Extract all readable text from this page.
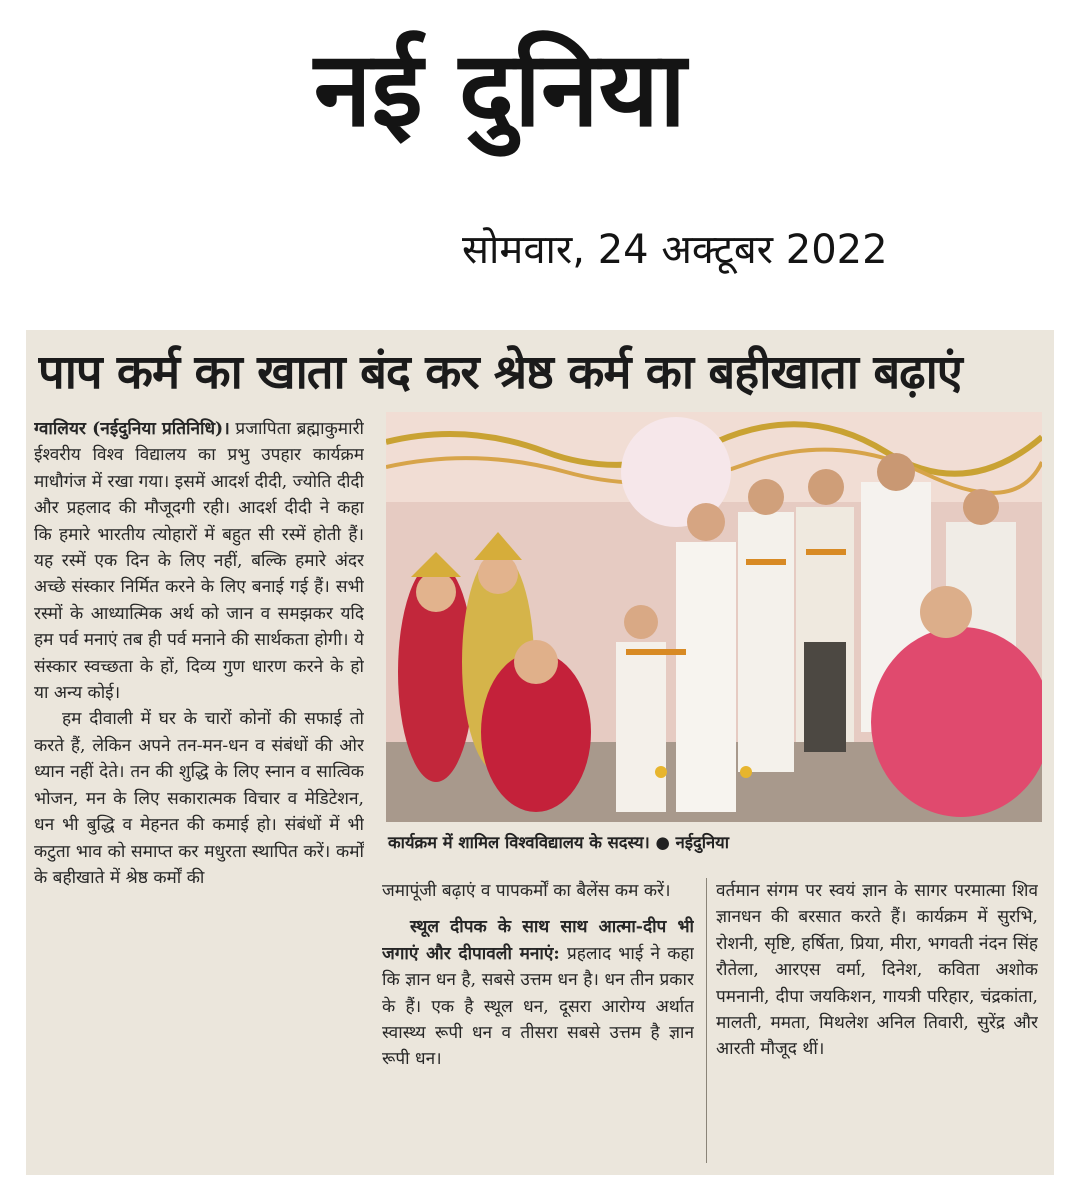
नई दुनिया
सोमवार, 24 अक्टूबर 2022
पाप कर्म का खाता बंद कर श्रेष्ठ कर्म का बहीखाता बढ़ाएं

ग्वालियर (नईदुनिया प्रतिनिधि)। प्रजापिता ब्रह्माकुमारी ईश्वरीय विश्व विद्यालय का प्रभु उपहार कार्यक्रम माधौगंज में रखा गया। इसमें आदर्श दीदी, ज्योति दीदी और प्रहलाद की मौजूदगी रही। आदर्श दीदी ने कहा कि हमारे भारतीय त्योहारों में बहुत सी रस्में होती हैं। यह रस्में एक दिन के लिए नहीं, बल्कि हमारे अंदर अच्छे संस्कार निर्मित करने के लिए बनाई गई हैं। सभी रस्मों के आध्यात्मिक अर्थ को जान व समझकर यदि हम पर्व मनाएं तब ही पर्व मनाने की सार्थकता होगी। ये संस्कार स्वच्छता के हों, दिव्य गुण धारण करने के हो या अन्य कोई।

हम दीवाली में घर के चारों कोनों की सफाई तो करते हैं, लेकिन अपने तन-मन-धन व संबंधों की ओर ध्यान नहीं देते। तन की शुद्धि के लिए स्नान व सात्विक भोजन, मन के लिए सकारात्मक विचार व मेडिटेशन, धन भी बुद्धि व मेहनत की कमाई हो। संबंधों में भी कटुता भाव को समाप्त कर मधुरता स्थापित करें। कर्मों के बहीखाते में श्रेष्ठ कर्मों की

कार्यक्रम में शामिल विश्वविद्यालय के सदस्य। ● नईदुनिया

जमापूंजी बढ़ाएं व पापकर्मों का बैलेंस कम करें।

स्थूल दीपक के साथ साथ आत्मा-दीप भी जगाएं और दीपावली मनाएं: प्रहलाद भाई ने कहा कि ज्ञान धन है, सबसे उत्तम धन है। धन तीन प्रकार के हैं। एक है स्थूल धन, दूसरा आरोग्य अर्थात स्वास्थ्य रूपी धन व तीसरा सबसे उत्तम है ज्ञान रूपी धन।

वर्तमान संगम पर स्वयं ज्ञान के सागर परमात्मा शिव ज्ञानधन की बरसात करते हैं। कार्यक्रम में सुरभि, रोशनी, सृष्टि, हर्षिता, प्रिया, मीरा, भगवती नंदन सिंह रौतेला, आरएस वर्मा, दिनेश, कविता अशोक पमनानी, दीपा जयकिशन, गायत्री परिहार, चंद्रकांता, मालती, ममता, मिथलेश अनिल तिवारी, सुरेंद्र और आरती मौजूद थीं।
